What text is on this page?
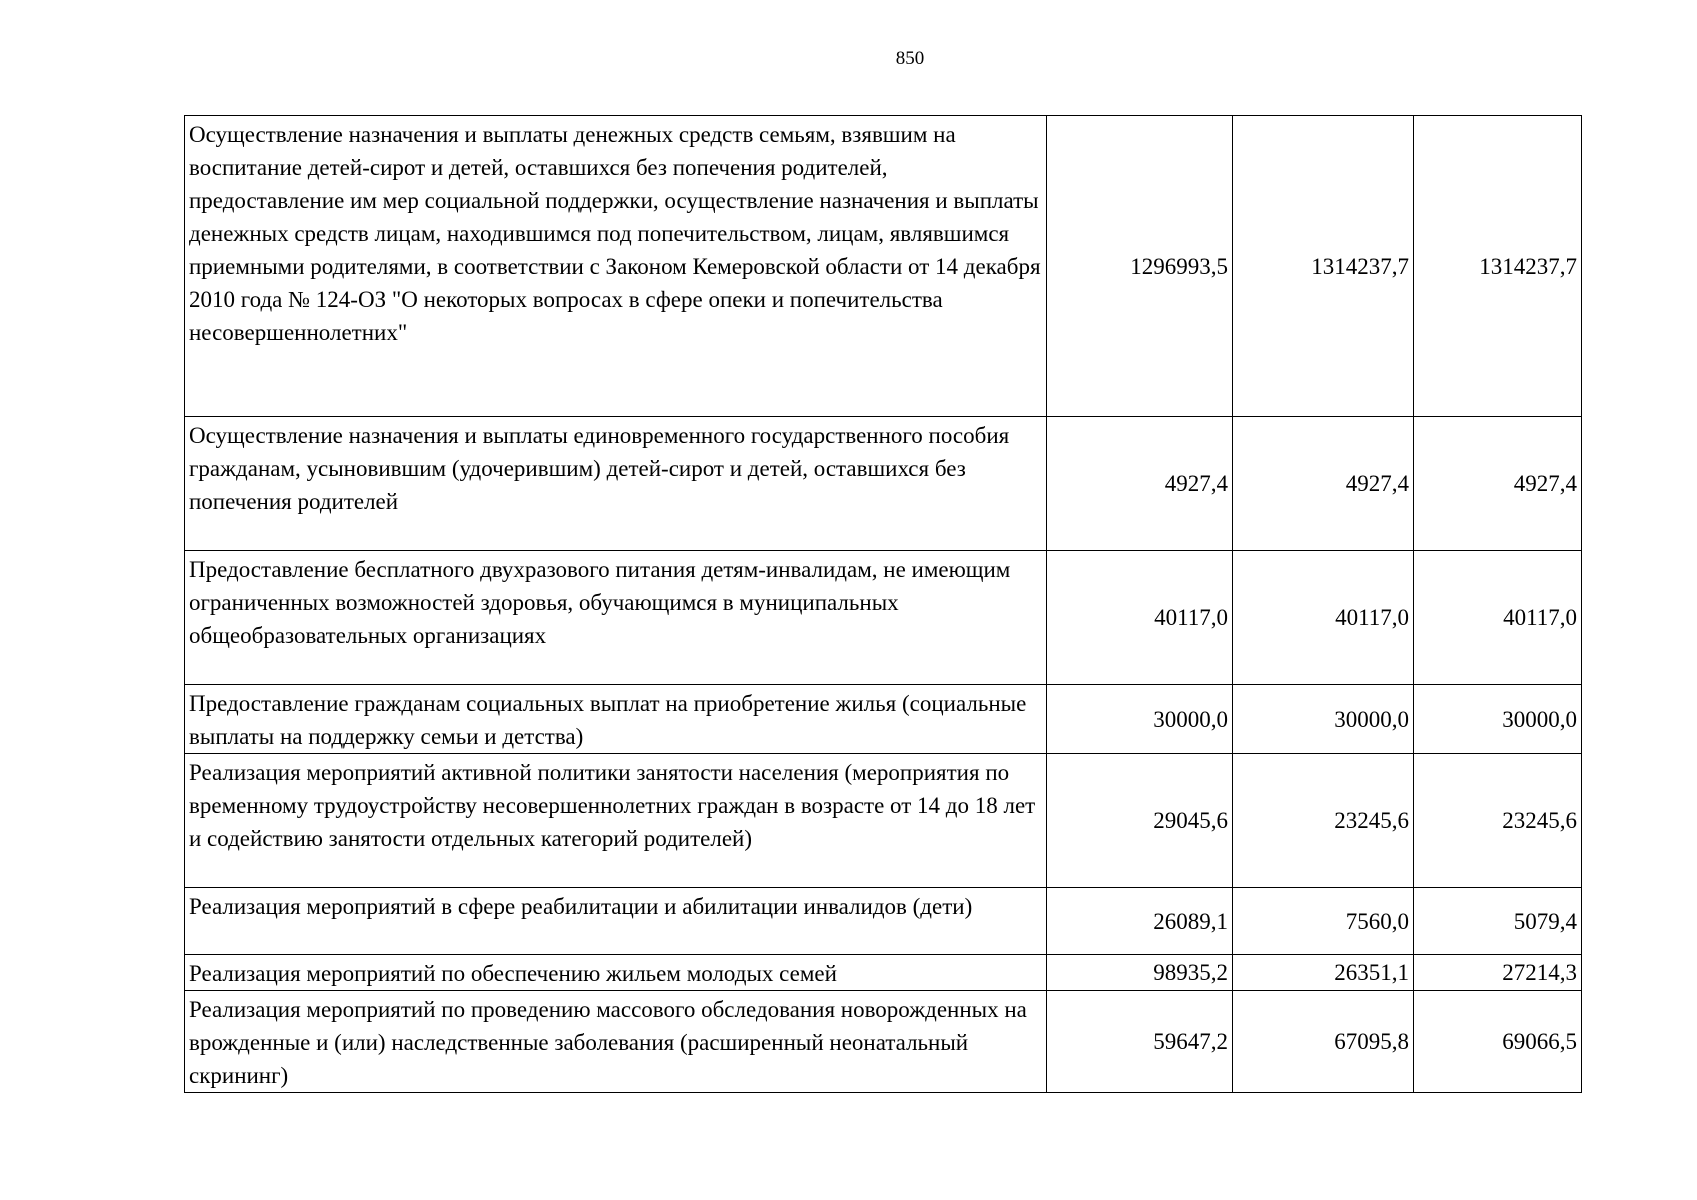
850
Осуществление назначения и выплаты денежных средств семьям, взявшим на воспитание детей-сирот и детей, оставшихся без попечения родителей, предоставление им мер социальной поддержки, осуществление назначения и выплаты денежных средств лицам, находившимся под попечительством, лицам, являвшимся приемными родителями, в соответствии с Законом Кемеровской области от 14 декабря 2010 года № 124-ОЗ "О некоторых вопросах в сфере опеки и попечительства несовершеннолетних"	1296993,5	1314237,7	1314237,7
Осуществление назначения и выплаты единовременного государственного пособия гражданам, усыновившим (удочерившим) детей-сирот и детей, оставшихся без попечения родителей	4927,4	4927,4	4927,4
Предоставление бесплатного двухразового питания детям-инвалидам, не имеющим ограниченных возможностей здоровья, обучающимся в муниципальных общеобразовательных организациях	40117,0	40117,0	40117,0
Предоставление гражданам социальных выплат на приобретение жилья (социальные выплаты на поддержку семьи и детства)	30000,0	30000,0	30000,0
Реализация мероприятий активной политики занятости населения (мероприятия по временному трудоустройству несовершеннолетних граждан в возрасте от 14 до 18 лет и содействию занятости отдельных категорий родителей)	29045,6	23245,6	23245,6
Реализация мероприятий в сфере реабилитации и абилитации инвалидов (дети)	26089,1	7560,0	5079,4
Реализация мероприятий по обеспечению жильем молодых семей	98935,2	26351,1	27214,3
Реализация мероприятий по проведению массового обследования новорожденных на врожденные и (или) наследственные заболевания (расширенный неонатальный скрининг)	59647,2	67095,8	69066,5
